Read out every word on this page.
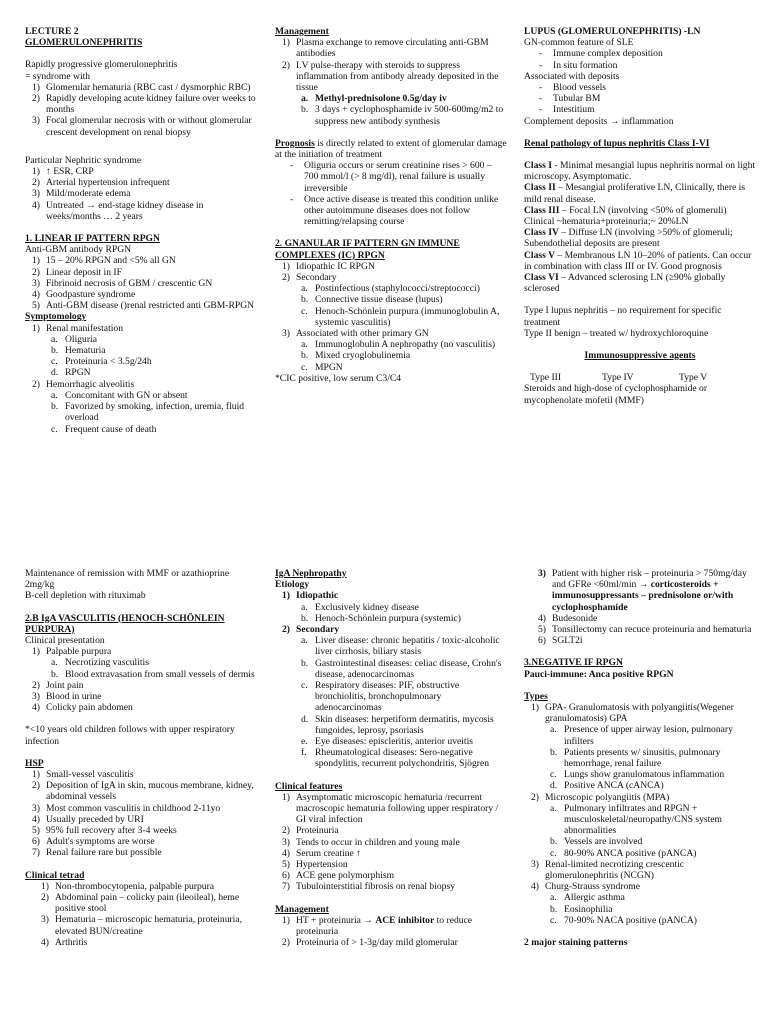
LECTURE 2

GLOMERULONEPHRITIS

Rapidly progressive glomerulonephritis

= syndrome with

1) Glomerular hematuria (RBC cast / dysmorphic RBC)
2) Rapidly developing acute kidney failure over weeks to months
3) Focal glomerular necrosis with or without glomerular crescent development on renal biopsy

Particular Nephritic syndrome

1) ↑ ESR, CRP
2) Arterial hypertension infrequent
3) Mild/moderate edema
4) Untreated → end-stage kidney disease in weeks/months … 2 years

1. LINEAR IF PATTERN RPGN

Anti-GBM antibody RPGN

1) 15 – 20% RPGN and <5% all GN
2) Linear deposit in IF
3) Fibrinoid necrosis of GBM / crescentic GN
4) Goodpasture syndrome
5) Anti-GBM disease ()renal restricted anti GBM-RPGN

Symptomology

1) Renal manifestation
a. Oliguria
b. Hematuria
c. Proteinuria < 3.5g/24h
d. RPGN
2) Hemorrhagic alveolitis
a. Concomitant with GN or absent
b. Favorized by smoking, infection, uremia, fluid overload
c. Frequent cause of death

Management

1) Plasma exchange to remove circulating anti-GBM antibodies
2) I.V pulse-therapy with steroids to suppress inflammation from antibody already deposited in the tissue
a. Methyl-prednisolone 0.5g/day iv
b. 3 days + cyclophosphamide iv 500-600mg/m2 to suppress new antibody synthesis

Prognosis is directly related to extent of glomerular damage at the initiation of treatment

-	Oliguria occurs or serum creatinine rises > 600 – 700 mmol/l (> 8 mg/dl), renal failure is usually irreversible
-	Once active disease is treated this condition unlike other autoimmune diseases does not follow remitting/relapsing course

2. GNANULAR IF PATTERN GN IMMUNE COMPLEXES (IC) RPGN

1) Idiopathic IC RPGN
2) Secondary
a. Postinfectious (staphylococci/streptococci)
b. Connective tissue disease (lupus)
c. Henoch-Schönlein purpura (immunoglobulin A, systemic vasculitis)
3) Associated with other primary GN
a. Immunoglobulin A nephropathy (no vasculitis)
b. Mixed cryoglobulinemia
c. MPGN

*CIC positive, low serum C3/C4

LUPUS (GLOMERULONEPHRITIS) -LN

GN-common feature of SLE

-	Immune complex deposition
-	In situ formation

Associated with deposits

-	Blood vessels
-	Tubular BM
-	Intestitium

Complement deposits → inflammation

Renal pathology of lupus nephritis Class I-VI

Class I - Minimal mesangial lupus nephritis normal on light microscopy. Asymptomatic.

Class II – Mesangial proliferative LN, Clinically, there is mild renal disease.

Class III – Focal LN (involving <50% of glomeruli) Clinical ~hematuria+proteinuria;~ 20%LN

Class IV – Diffuse LN (involving >50% of glomeruli; Subendothelial deposits are present

Class V – Membranous LN 10–20% of patients. Can occur in combination with class III or IV. Good prognosis

Class VI – Advanced sclerosing LN (≥90% globally sclerosed

Type I lupus nephritis – no requirement for specific treatment

Type II benign – treated w/ hydroxychloroquine

Immunosuppressive agents

Type III	Type IV	Type V

Steroids and high-dose of cyclophosphamide or mycophenolate mofetil (MMF)

Maintenance of remission with MMF or azathioprine 2mg/kg

B-cell depletion with rituximab

2.B IgA VASCULITIS (HENOCH-SCHÖNLEIN PURPURA)

Clinical presentation

1) Palpable purpura
a. Necrotizing vasculitis
b. Blood extravasation from small vessels of dermis
2) Joint pain
3) Blood in urine
4) Colicky pain abdomen

*<10 years old children follows with upper respiratory infection

HSP

1) Small-vessel vasculitis
2) Deposition of IgA in skin, mucous membrane, kidney, abdominal vessels
3) Most common vasculitis in childhood 2-11yo
4) Usually preceded by URI
5) 95% full recovery after 3-4 weeks
6) Adult's symptoms are worse
7) Renal failure rare but possible

Clinical tetrad

1) Non-thrombocytopenia, palpable purpura
2) Abdominal pain – colicky pain (ileoileal), heme positive stool
3) Hematuria – microscopic hematuria, proteinuria, elevated BUN/creatine
4) Arthritis

IgA Nephropathy

Etiology

1) Idiopathic
a. Exclusively kidney disease
b. Henoch-Schönlein purpura (systemic)
2) Secondary
a. Liver disease: chronic hepatitis / toxic-alcoholic liver cirrhosis, biliary stasis
b. Gastrointestinal diseases: celiac disease, Crohn's disease, adenocarcinomas
c. Respiratory diseases: PIF, obstructive bronchiolitis, bronchopulmonary adenocarcinomas
d. Skin diseases: herpetiform dermatitis, mycosis fungoides, leprosy, psoriasis
e. Eye diseases: episcleritis, anterior uveitis
f. Rheumatological diseases: Sero-negative spondylitis, recurrent polychondritis, Sjögren

Clinical features

1) Asymptomatic microscopic hematuria /recurrent macroscopic hematuria following upper respiratory / GI viral infection
2) Proteinuria
3) Tends to occur in children and young male
4) Serum creatine ↑
5) Hypertension
6) ACE gene polymorphism
7) Tubulointerstitial fibrosis on renal biopsy

Management

1) HT + proteinuria → ACE inhibitor to reduce proteinuria
2) Proteinuria of > 1-3g/day mild glomerular
3) Patient with higher risk – proteinuria > 750mg/day and GFRe <60ml/min → corticosteroids + immunosuppressants – prednisolone or/with cyclophosphamide
4) Budesonide
5) Tonsillectomy can recuce proteinuria and hematuria
6) SGLT2i

3.NEGATIVE IF RPGN

Pauci-immune: Anca positive RPGN

Types

1) GPA- Granulomatosis with polyangiitis(Wegener granulomatosis) GPA
a. Presence of upper airway lesion, pulmonary infilters
b. Patients presents w/ sinusitis, pulmonary hemorrhage, renal failure
c. Lungs show granulomatous inflammation
d. Positive ANCA (cANCA)
2) Microscopic polyangiitis (MPA)
a. Pulmonary infiltrates and RPGN + musculoskeletal/neuropathy/CNS system abnormalities
b. Vessels are involved
c. 80-90% ANCA positive (pANCA)
3) Renal-limited necrotizing crescentic glomerulonephritis (NCGN)
4) Churg-Strauss syndrome
a. Allergic asthma
b. Eosinophilia
c. 70-90% NACA positive (pANCA)

2 major staining patterns
